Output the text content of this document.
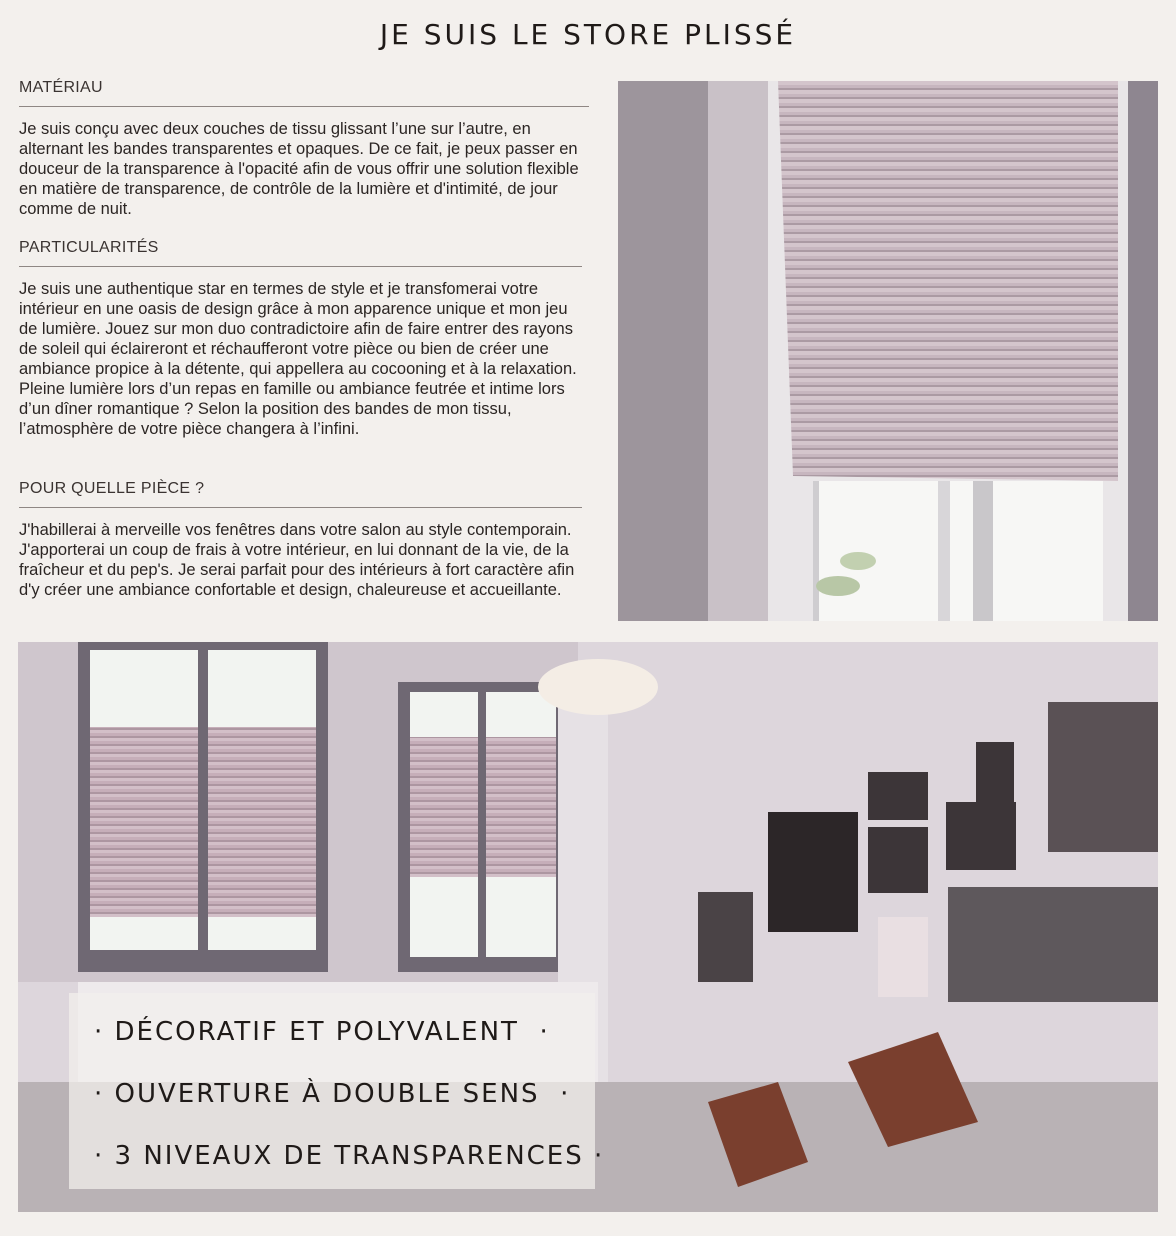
JE SUIS LE STORE PLISSÉ
MATÉRIAU

Je suis conçu avec deux couches de tissu glissant l’une sur l’autre, en alternant les bandes transparentes et opaques. De ce fait, je peux passer en douceur de la transparence à l'opacité afin de vous offrir une solution flexible en matière de transparence, de contrôle de la lumière et d'intimité, de jour comme de nuit.

PARTICULARITÉS

Je suis une authentique star en termes de style et je transfomerai votre intérieur en une oasis de design grâce à mon apparence unique et mon jeu de lumière. Jouez sur mon duo contradictoire afin de faire entrer des rayons de soleil qui éclaireront et réchaufferont votre pièce ou bien de créer une ambiance propice à la détente, qui appellera au cocooning et à la relaxation. Pleine lumière lors d’un repas en famille ou ambiance feutrée et intime lors d’un dîner romantique ? Selon la position des bandes de mon tissu, l’atmosphère de votre pièce changera à l’infini.

POUR QUELLE PIÈCE ?

J'habillerai à merveille vos fenêtres dans votre salon au style contemporain. J'apporterai un coup de frais à votre intérieur, en lui donnant de la vie, de la fraîcheur et du pep's. Je serai parfait pour des intérieurs à fort caractère afin d'y créer une ambiance confortable et design, chaleureuse et accueillante.

· DÉCORATIF ET POLYVALENT  ·
· OUVERTURE À DOUBLE SENS  ·
· 3 NIVEAUX DE TRANSPARENCES ·
